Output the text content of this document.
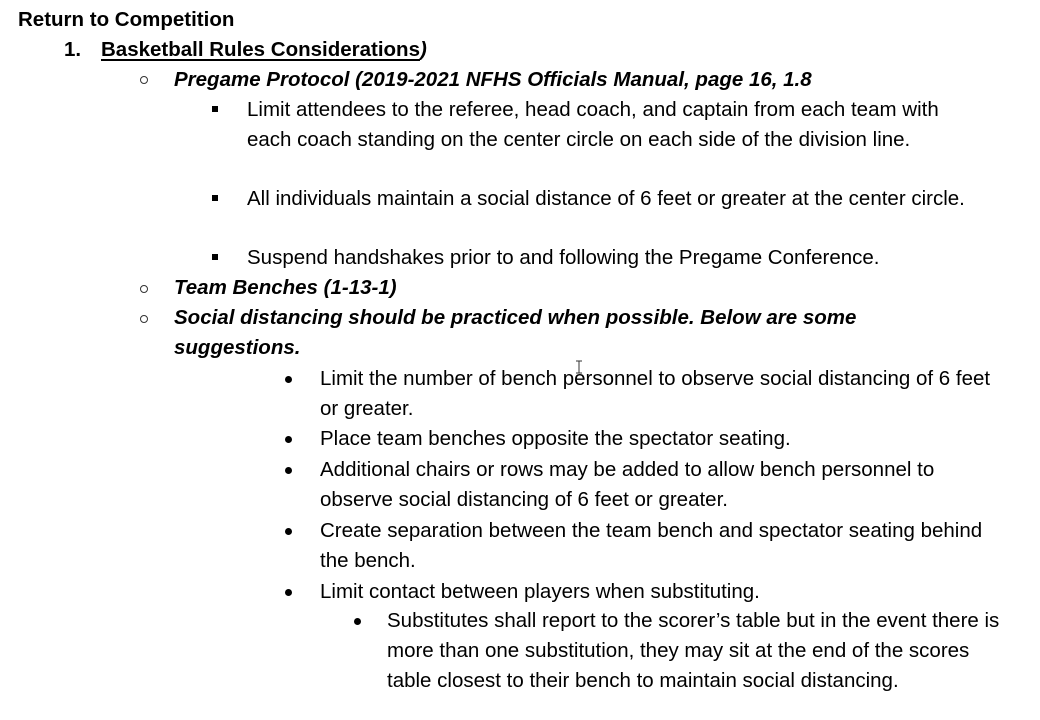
Return to Competition
1. Basketball Rules Considerations)
Pregame Protocol (2019-2021 NFHS Officials Manual, page 16, 1.8
Limit attendees to the referee, head coach, and captain from each team with each coach standing on the center circle on each side of the division line.
All individuals maintain a social distance of 6 feet or greater at the center circle.
Suspend handshakes prior to and following the Pregame Conference.
Team Benches (1-13-1)
Social distancing should be practiced when possible. Below are some suggestions.
Limit the number of bench personnel to observe social distancing of 6 feet or greater.
Place team benches opposite the spectator seating.
Additional chairs or rows may be added to allow bench personnel to observe social distancing of 6 feet or greater.
Create separation between the team bench and spectator seating behind the bench.
Limit contact between players when substituting.
Substitutes shall report to the scorer’s table but in the event there is more than one substitution, they may sit at the end of the scores table closest to their bench to maintain social distancing.
